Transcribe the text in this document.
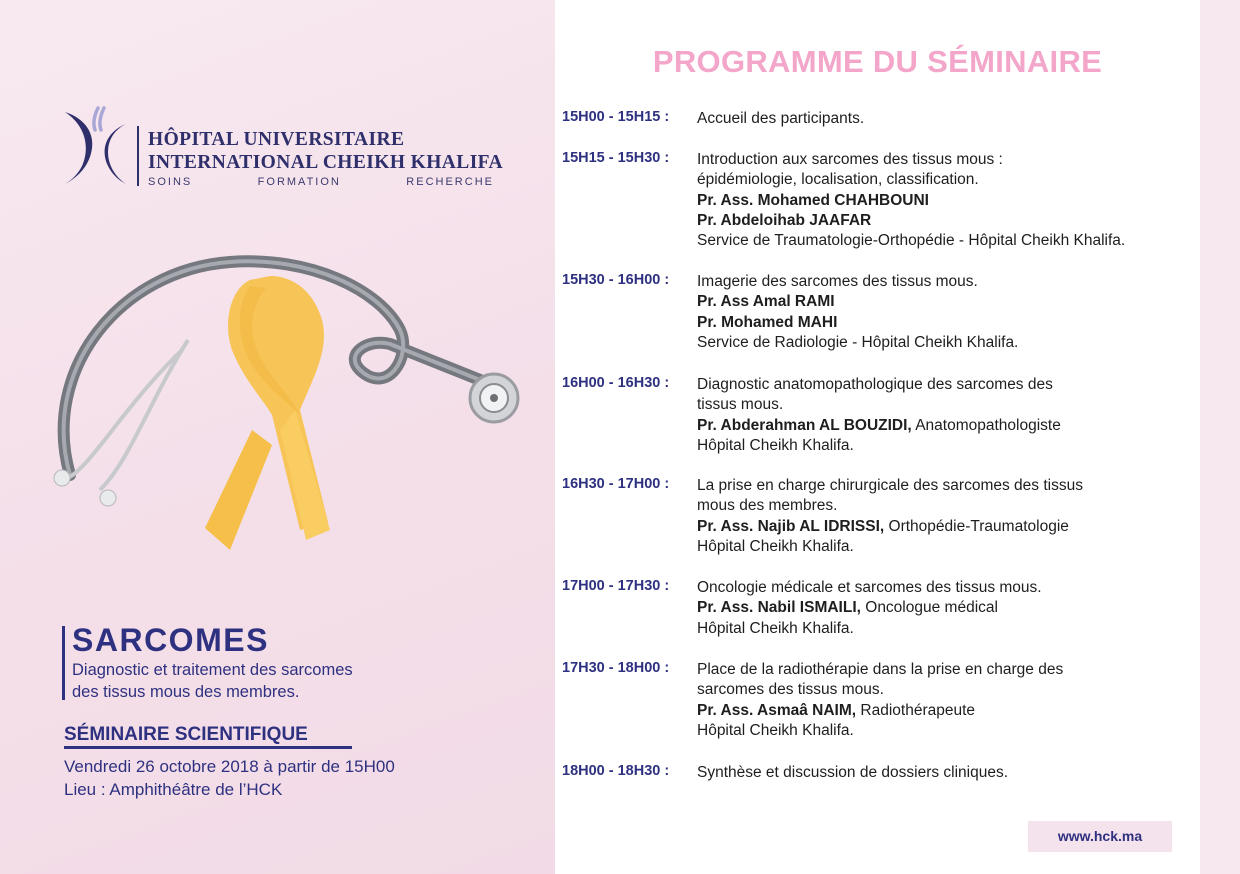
HÔPITAL UNIVERSITAIRE
INTERNATIONAL CHEIKH KHALIFA
SOINS	FORMATION	RECHERCHE
SARCOMES
Diagnostic et traitement des sarcomes
des tissus mous des membres.
SÉMINAIRE SCIENTIFIQUE
Vendredi 26 octobre 2018 à partir de 15H00
Lieu : Amphithéâtre de l’HCK
PROGRAMME DU SÉMINAIRE
15H00 - 15H15 :	Accueil des participants.
15H15 - 15H30 :	Introduction aux sarcomes des tissus mous :
épidémiologie, localisation, classification.
Pr. Ass. Mohamed CHAHBOUNI
Pr. Abdeloihab JAAFAR
Service de Traumatologie-Orthopédie - Hôpital Cheikh Khalifa.
15H30 - 16H00 :	Imagerie des sarcomes des tissus mous.
Pr. Ass Amal RAMI
Pr. Mohamed MAHI
Service de Radiologie - Hôpital Cheikh Khalifa.
16H00 - 16H30 :	Diagnostic anatomopathologique des sarcomes des
tissus mous.
Pr. Abderahman AL BOUZIDI, Anatomopathologiste
Hôpital Cheikh Khalifa.
16H30 - 17H00 :	La prise en charge chirurgicale des sarcomes des tissus
mous des membres.
Pr. Ass. Najib AL IDRISSI, Orthopédie-Traumatologie
Hôpital Cheikh Khalifa.
17H00 - 17H30 :	Oncologie médicale et sarcomes des tissus mous.
Pr. Ass. Nabil ISMAILI, Oncologue médical
Hôpital Cheikh Khalifa.
17H30 - 18H00 :	Place de la radiothérapie dans la prise en charge des
sarcomes des tissus mous.
Pr. Ass. Asmaâ NAIM, Radiothérapeute
Hôpital Cheikh Khalifa.
18H00 - 18H30 :	Synthèse et discussion de dossiers cliniques.
www.hck.ma
